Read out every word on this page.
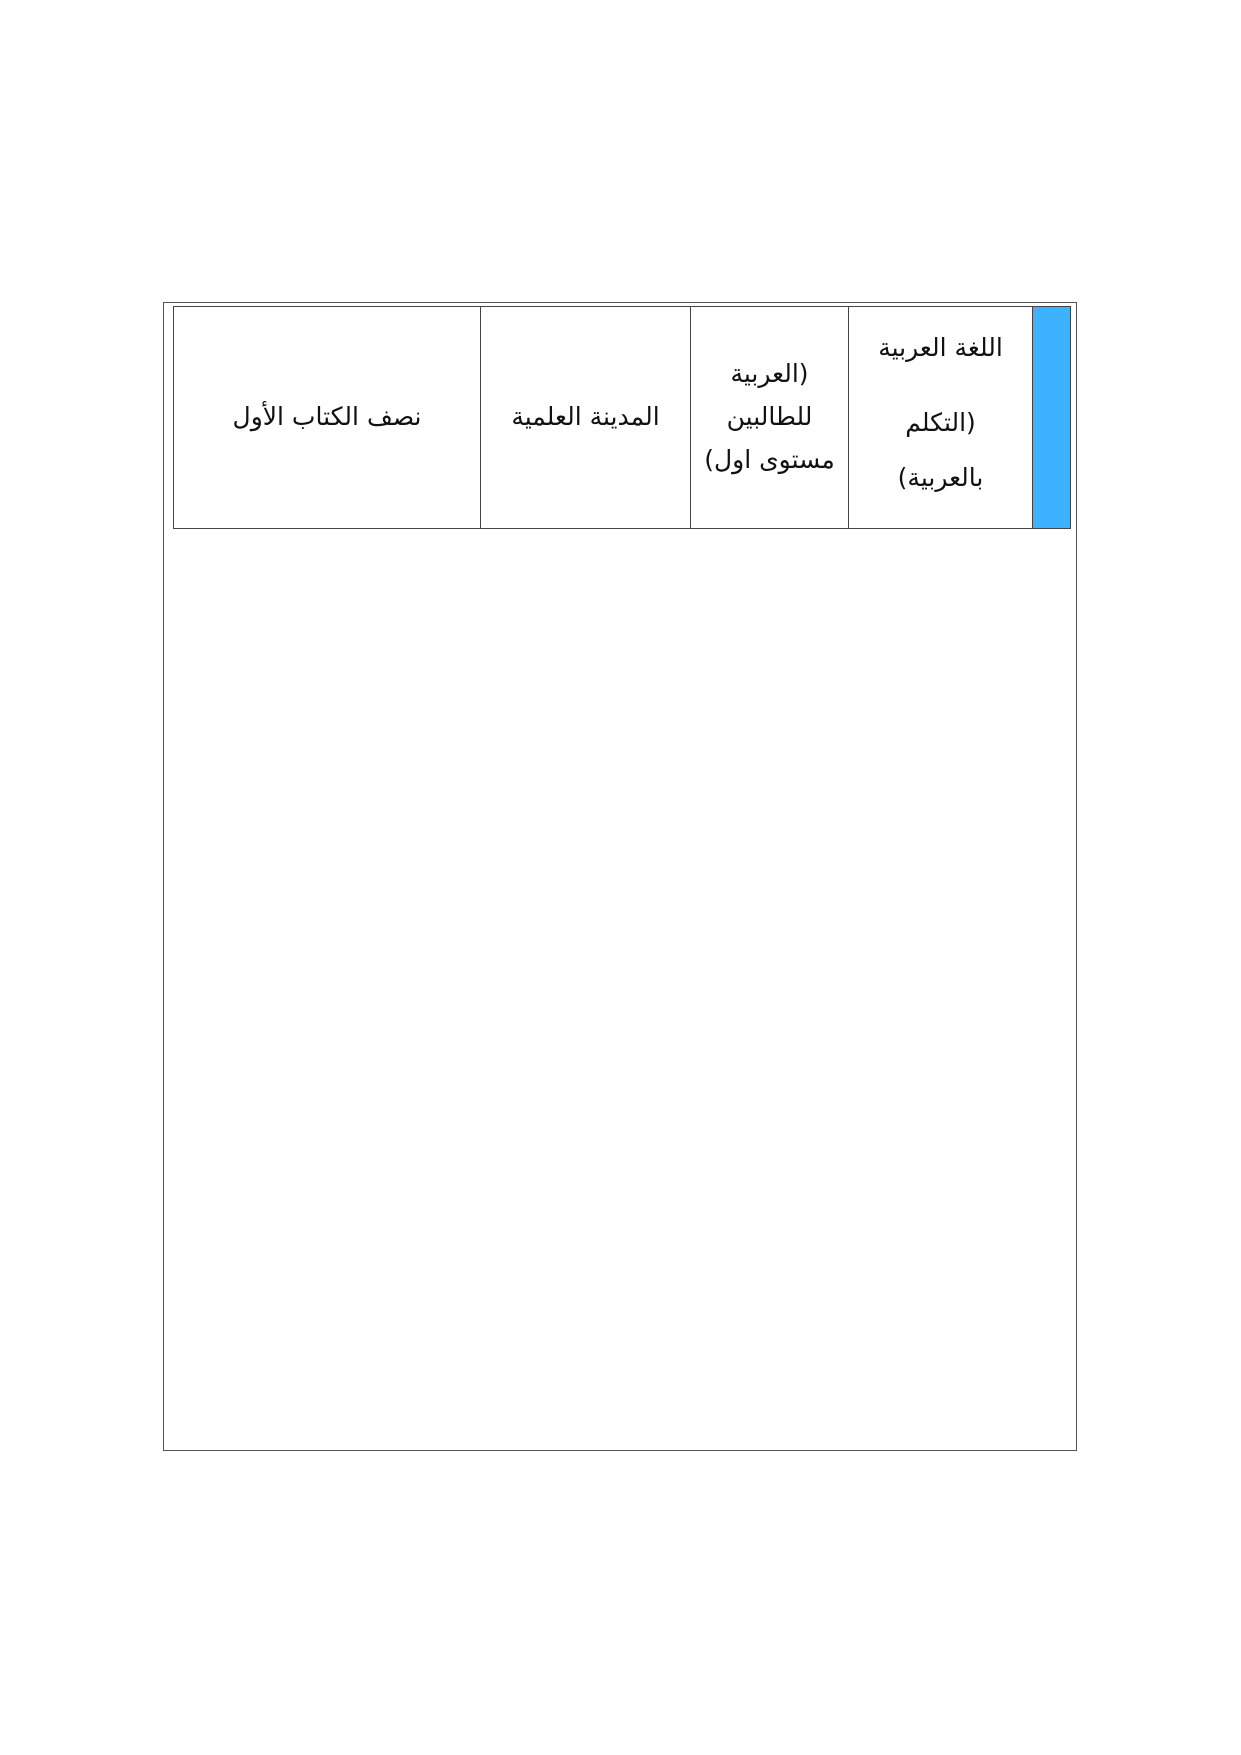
اللغة العربية
(التكلم
بالعربية)
(العربية
للطالبين
مستوى اول)
المدينة العلمية
نصف الكتاب الأول
